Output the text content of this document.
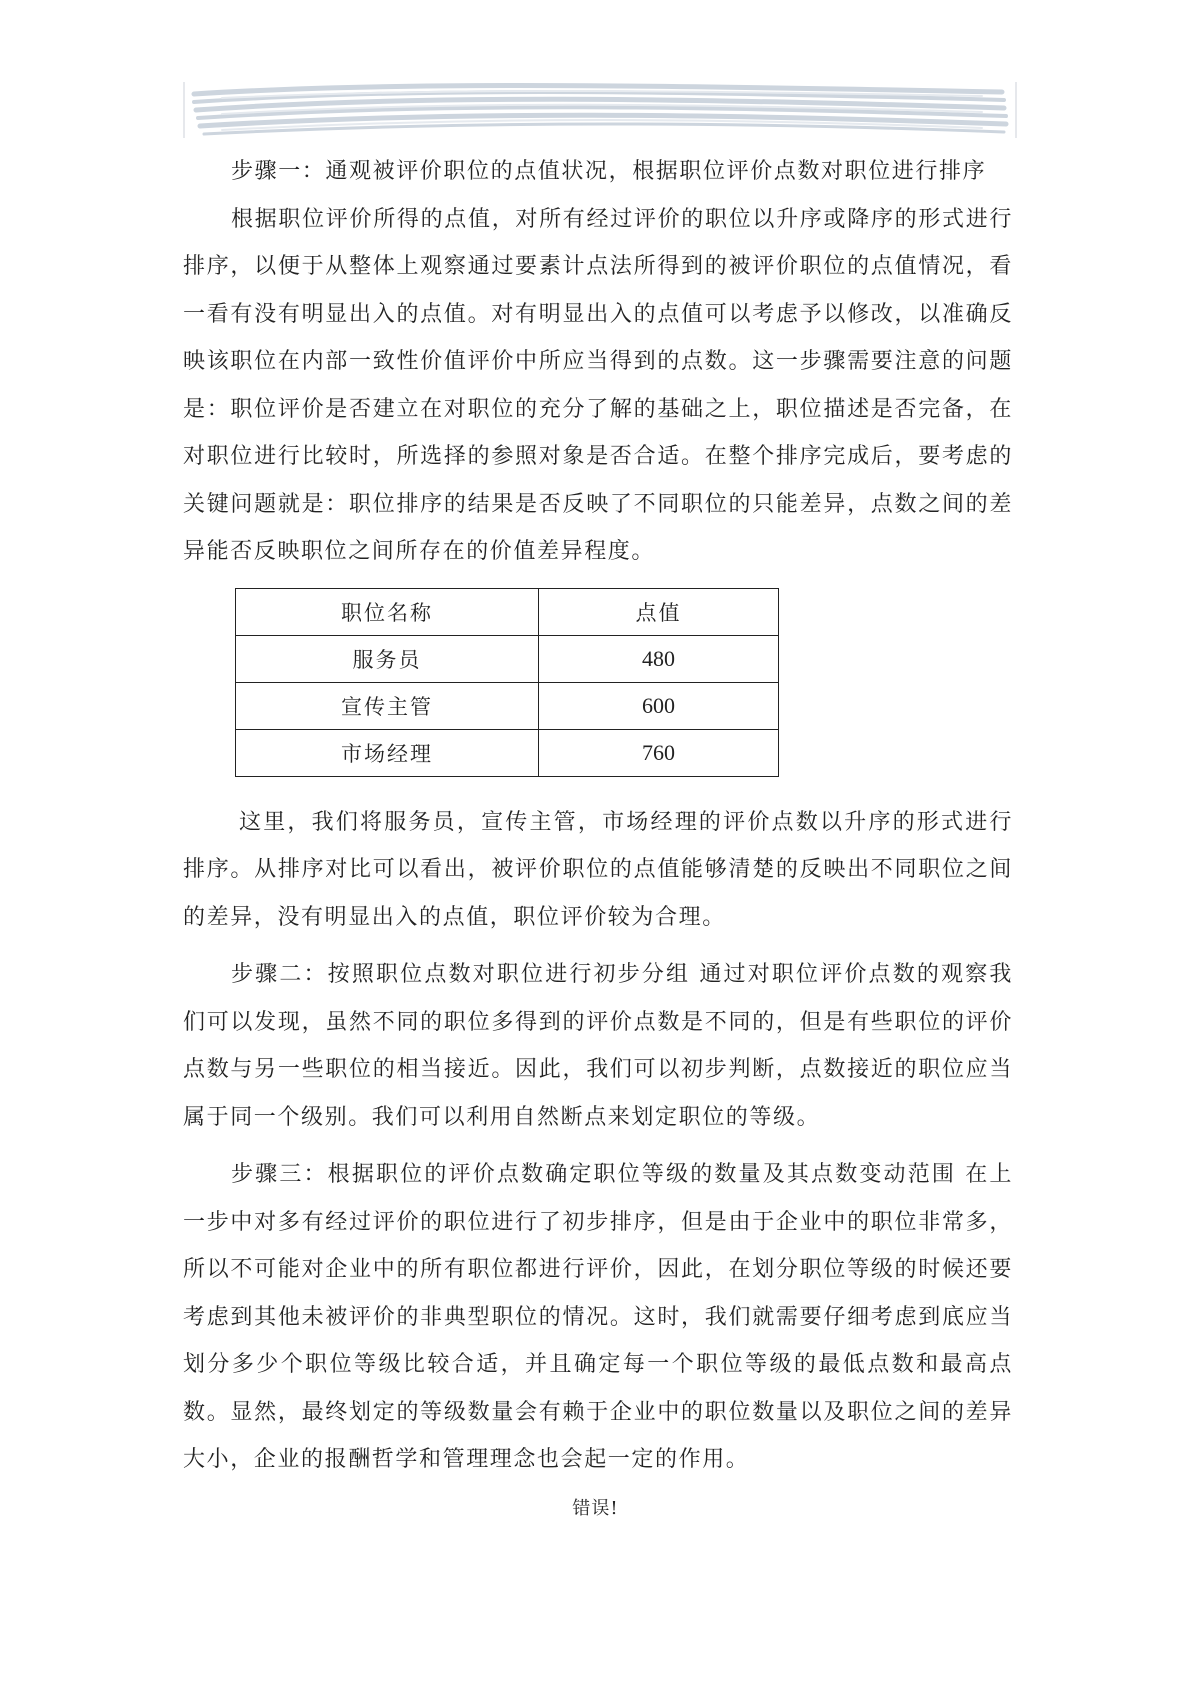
步骤一：通观被评价职位的点值状况，根据职位评价点数对职位进行排序

根据职位评价所得的点值，对所有经过评价的职位以升序或降序的形式进行排序，以便于从整体上观察通过要素计点法所得到的被评价职位的点值情况，看一看有没有明显出入的点值。对有明显出入的点值可以考虑予以修改，以准确反映该职位在内部一致性价值评价中所应当得到的点数。这一步骤需要注意的问题是：职位评价是否建立在对职位的充分了解的基础之上，职位描述是否完备，在对职位进行比较时，所选择的参照对象是否合适。在整个排序完成后，要考虑的关键问题就是：职位排序的结果是否反映了不同职位的只能差异，点数之间的差异能否反映职位之间所存在的价值差异程度。

职位名称	点值
服务员	480
宣传主管	600
市场经理	760

这里，我们将服务员，宣传主管，市场经理的评价点数以升序的形式进行排序。从排序对比可以看出，被评价职位的点值能够清楚的反映出不同职位之间的差异，没有明显出入的点值，职位评价较为合理。

步骤二：按照职位点数对职位进行初步分组 通过对职位评价点数的观察我们可以发现，虽然不同的职位多得到的评价点数是不同的，但是有些职位的评价点数与另一些职位的相当接近。因此，我们可以初步判断，点数接近的职位应当属于同一个级别。我们可以利用自然断点来划定职位的等级。

步骤三：根据职位的评价点数确定职位等级的数量及其点数变动范围 在上一步中对多有经过评价的职位进行了初步排序，但是由于企业中的职位非常多，所以不可能对企业中的所有职位都进行评价，因此，在划分职位等级的时候还要考虑到其他未被评价的非典型职位的情况。这时，我们就需要仔细考虑到底应当划分多少个职位等级比较合适，并且确定每一个职位等级的最低点数和最高点数。显然，最终划定的等级数量会有赖于企业中的职位数量以及职位之间的差异大小，企业的报酬哲学和管理理念也会起一定的作用。

错误!
